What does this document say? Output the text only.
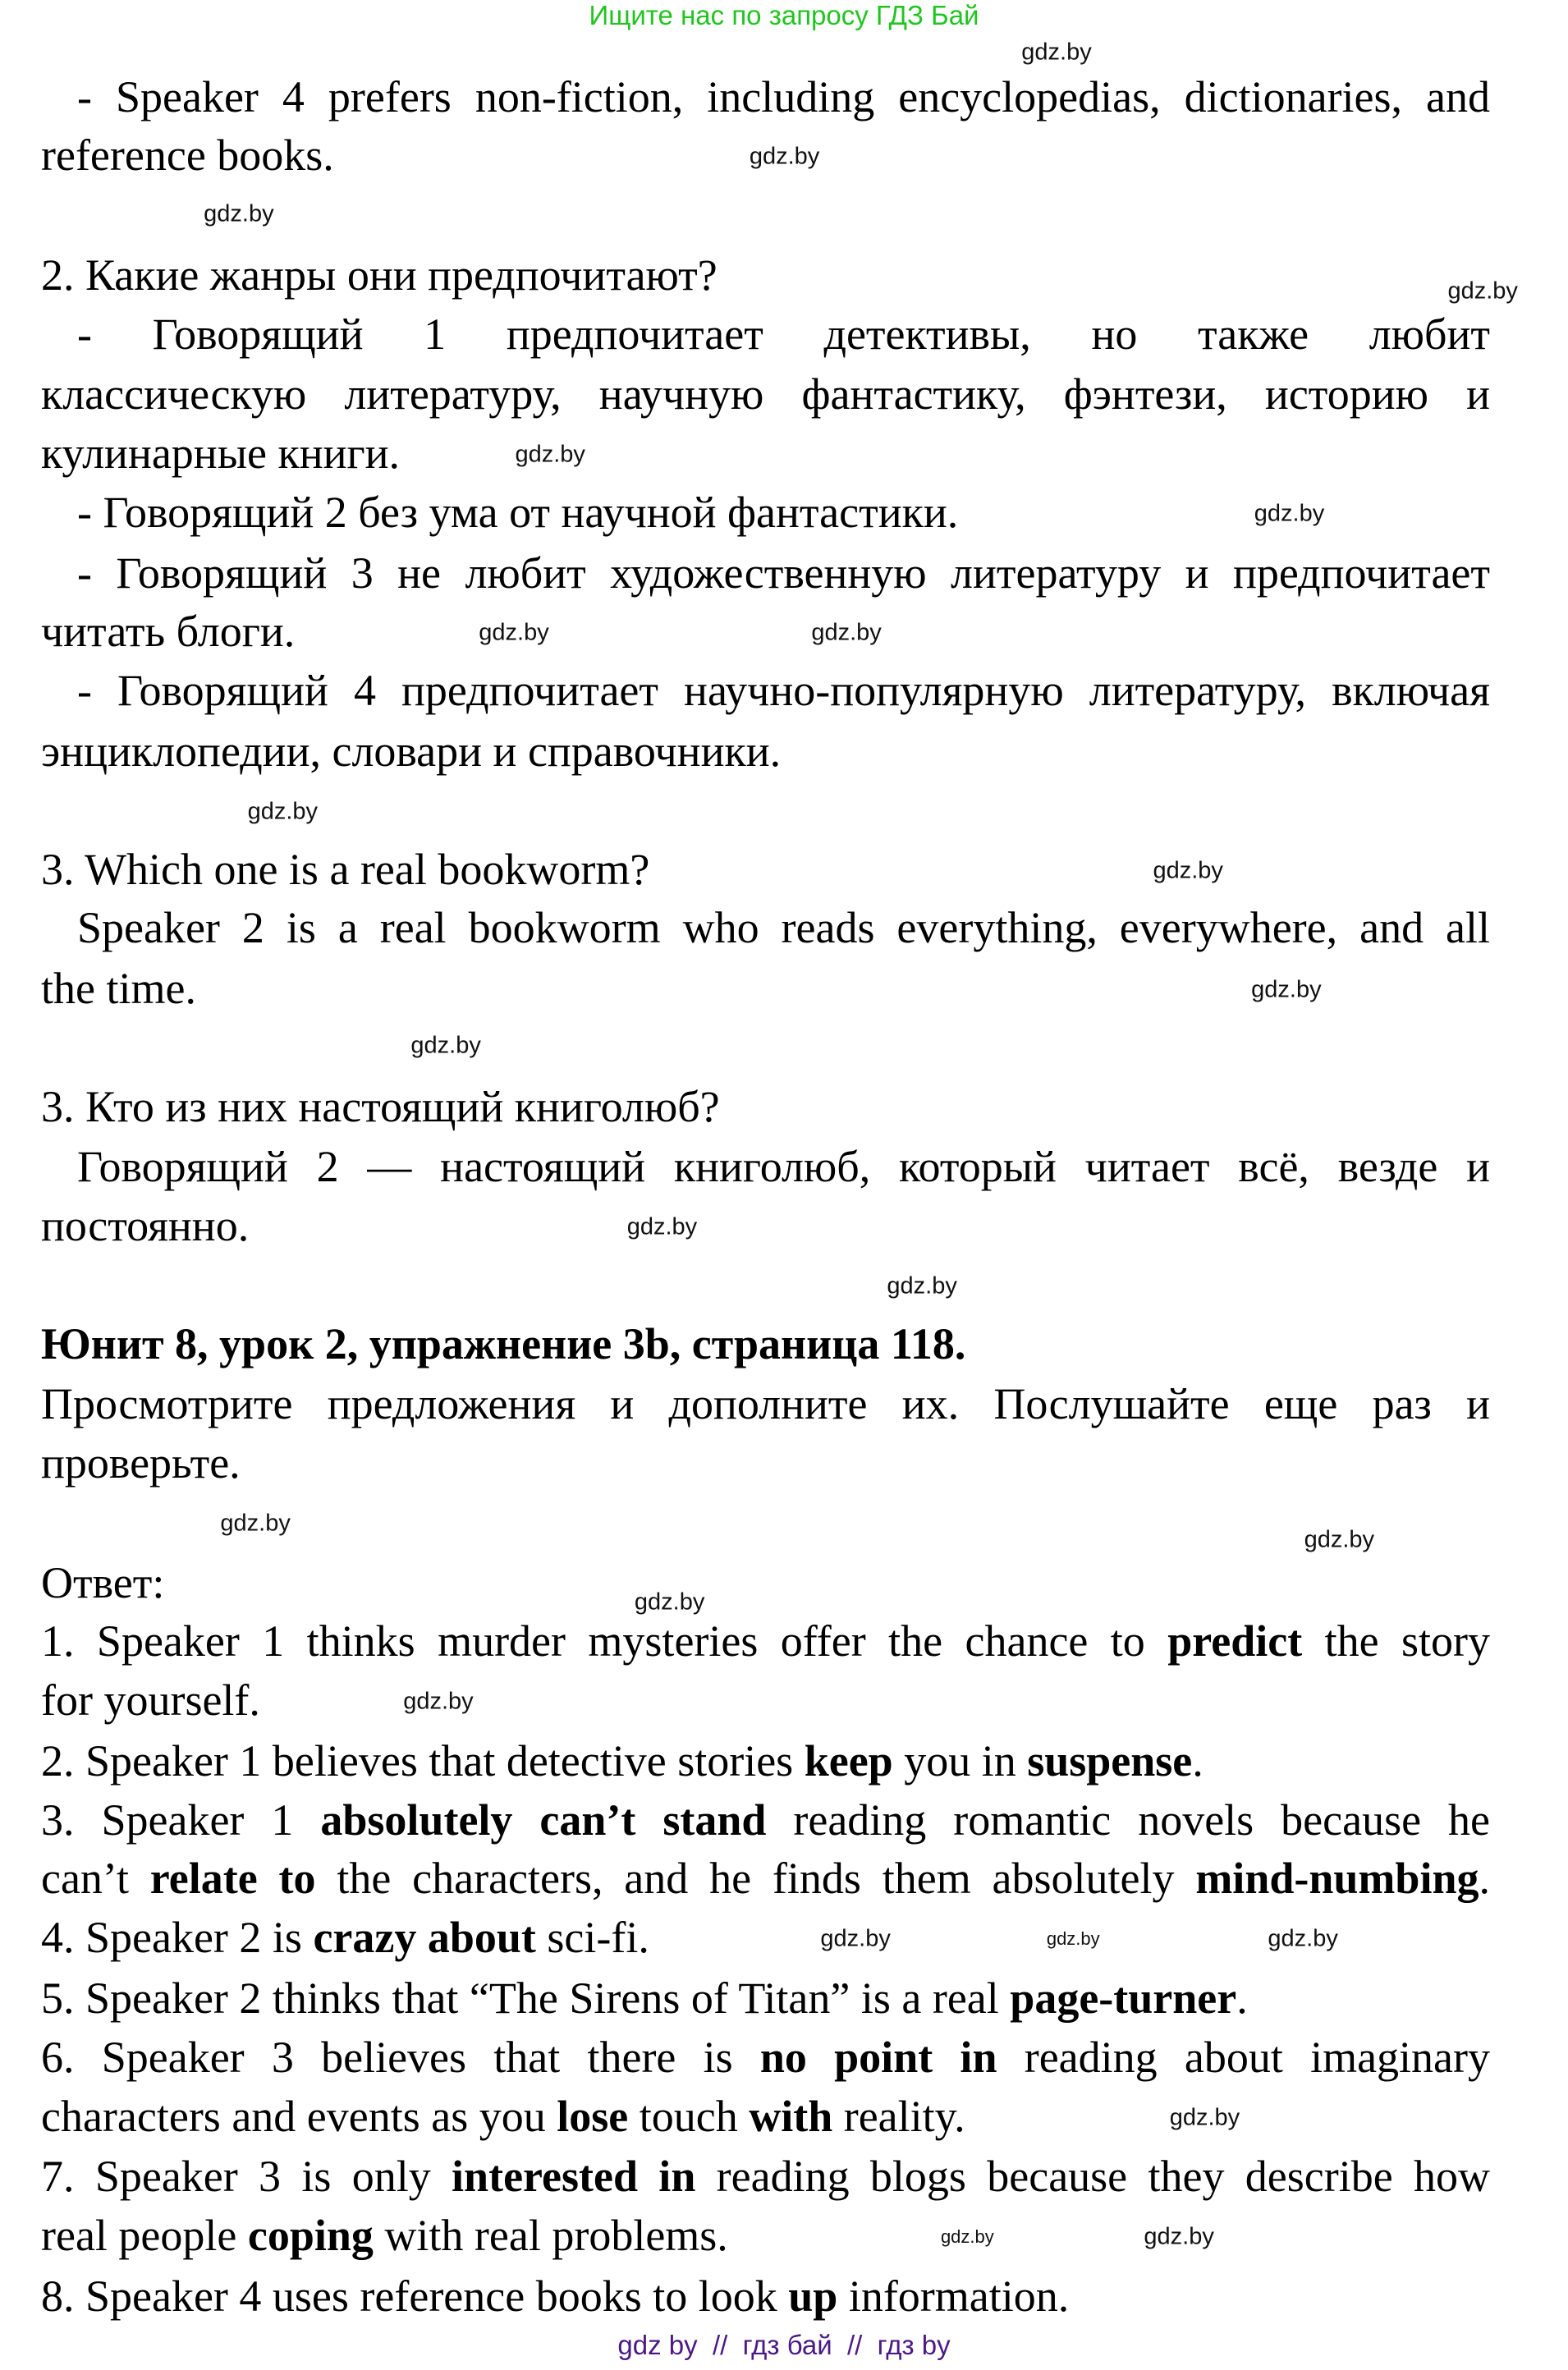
Ищите нас по запросу ГДЗ Бай
- Speaker 4 prefers non-fiction, including encyclopedias, dictionaries, and
reference books.
2. Какие жанры они предпочитают?
- Говорящий 1 предпочитает детективы, но также любит
классическую литературу, научную фантастику, фэнтези, историю и
кулинарные книги.
- Говорящий 2 без ума от научной фантастики.
- Говорящий 3 не любит художественную литературу и предпочитает
читать блоги.
- Говорящий 4 предпочитает научно-популярную литературу, включая
энциклопедии, словари и справочники.
3. Which one is a real bookworm?
Speaker 2 is a real bookworm who reads everything, everywhere, and all
the time.
3. Кто из них настоящий книголюб?
Говорящий 2 — настоящий книголюб, который читает всё, везде и
постоянно.
Юнит 8, урок 2, упражнение 3b, страница 118.
Просмотрите предложения и дополните их. Послушайте еще раз и
проверьте.
Ответ:
1. Speaker 1 thinks murder mysteries offer the chance to predict the story
for yourself.
2. Speaker 1 believes that detective stories keep you in suspense.
3. Speaker 1 absolutely can’t stand reading romantic novels because he
can’t relate to the characters, and he finds them absolutely mind-numbing.
4. Speaker 2 is crazy about sci-fi.
5. Speaker 2 thinks that “The Sirens of Titan” is a real page-turner.
6. Speaker 3 believes that there is no point in reading about imaginary
characters and events as you lose touch with reality.
7. Speaker 3 is only interested in reading blogs because they describe how
real people coping with real problems.
8. Speaker 4 uses reference books to look up information.
gdz.by
gdz.by
gdz.by
gdz.by
gdz.by
gdz.by
gdz.by
gdz.by
gdz.by
gdz.by
gdz.by
gdz.by
gdz.by
gdz.by
gdz.by
gdz.by
gdz.by
gdz.by
gdz.by	gdz.by
gdz.by
gdz.by
gdz.by	gdz.by
gdz by  //  гдз бай  //  гдз by
